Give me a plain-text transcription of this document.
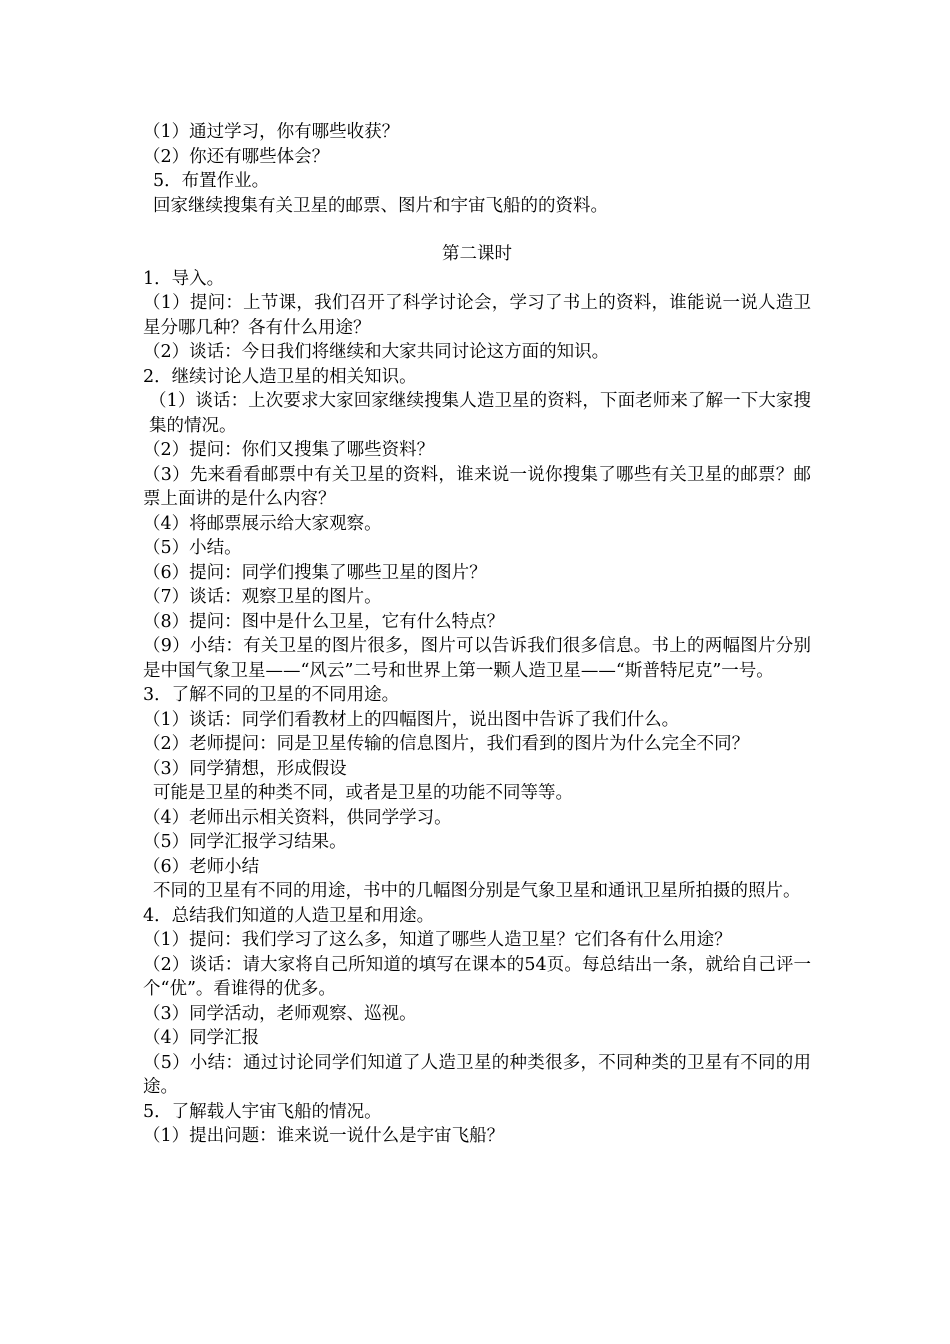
（1）通过学习，你有哪些收获？

（2）你还有哪些体会？

5．布置作业。

回家继续搜集有关卫星的邮票、图片和宇宙飞船的的资料。

第二课时

1．导入。

（1）提问：上节课，我们召开了科学讨论会，学习了书上的资料，谁能说一说人造卫星分哪几种？各有什么用途？

（2）谈话：今日我们将继续和大家共同讨论这方面的知识。

2．继续讨论人造卫星的相关知识。

（1）谈话：上次要求大家回家继续搜集人造卫星的资料，下面老师来了解一下大家搜集的情况。

（2）提问：你们又搜集了哪些资料？

（3）先来看看邮票中有关卫星的资料，谁来说一说你搜集了哪些有关卫星的邮票？邮票上面讲的是什么内容？

（4）将邮票展示给大家观察。

（5）小结。

（6）提问：同学们搜集了哪些卫星的图片？

（7）谈话：观察卫星的图片。

（8）提问：图中是什么卫星，它有什么特点？

（9）小结：有关卫星的图片很多，图片可以告诉我们很多信息。书上的两幅图片分别是中国气象卫星——“风云”二号和世界上第一颗人造卫星——“斯普特尼克”一号。

3．了解不同的卫星的不同用途。

（1）谈话：同学们看教材上的四幅图片，说出图中告诉了我们什么。

（2）老师提问：同是卫星传输的信息图片，我们看到的图片为什么完全不同？

（3）同学猜想，形成假设

可能是卫星的种类不同，或者是卫星的功能不同等等。

（4）老师出示相关资料，供同学学习。

（5）同学汇报学习结果。

（6）老师小结

不同的卫星有不同的用途，书中的几幅图分别是气象卫星和通讯卫星所拍摄的照片。

4．总结我们知道的人造卫星和用途。

（1）提问：我们学习了这么多，知道了哪些人造卫星？它们各有什么用途？

（2）谈话：请大家将自己所知道的填写在课本的54页。每总结出一条，就给自己评一个“优”。看谁得的优多。

（3）同学活动，老师观察、巡视。

（4）同学汇报

（5）小结：通过讨论同学们知道了人造卫星的种类很多，不同种类的卫星有不同的用途。

5．了解载人宇宙飞船的情况。

（1）提出问题：谁来说一说什么是宇宙飞船？
